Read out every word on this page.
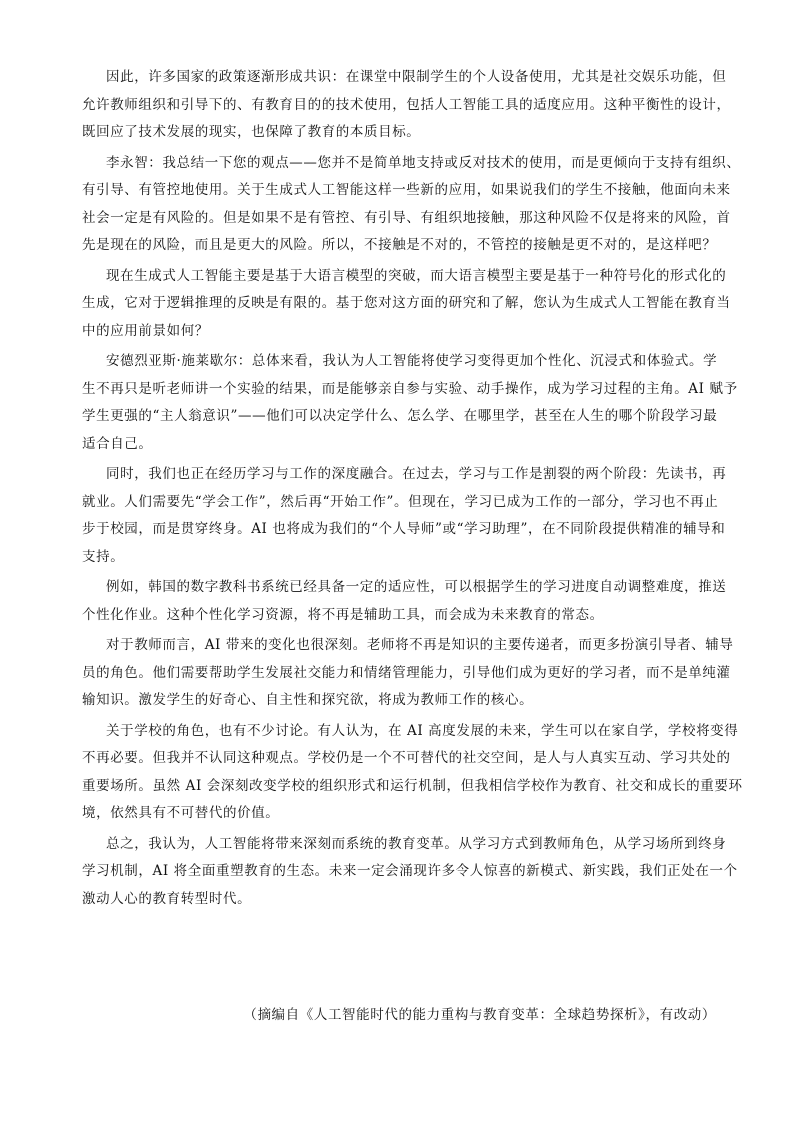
因此，许多国家的政策逐渐形成共识：在课堂中限制学生的个人设备使用，尤其是社交娱乐功能，但
允许教师组织和引导下的、有教育目的的技术使用，包括人工智能工具的适度应用。这种平衡性的设计，
既回应了技术发展的现实，也保障了教育的本质目标。
李永智：我总结一下您的观点——您并不是简单地支持或反对技术的使用，而是更倾向于支持有组织、
有引导、有管控地使用。关于生成式人工智能这样一些新的应用，如果说我们的学生不接触，他面向未来
社会一定是有风险的。但是如果不是有管控、有引导、有组织地接触，那这种风险不仅是将来的风险，首
先是现在的风险，而且是更大的风险。所以，不接触是不对的，不管控的接触是更不对的，是这样吧？
现在生成式人工智能主要是基于大语言模型的突破，而大语言模型主要是基于一种符号化的形式化的
生成，它对于逻辑推理的反映是有限的。基于您对这方面的研究和了解，您认为生成式人工智能在教育当
中的应用前景如何？
安德烈亚斯·施莱歇尔：总体来看，我认为人工智能将使学习变得更加个性化、沉浸式和体验式。学
生不再只是听老师讲一个实验的结果，而是能够亲自参与实验、动手操作，成为学习过程的主角。AI 赋予
学生更强的“主人翁意识”——他们可以决定学什么、怎么学、在哪里学，甚至在人生的哪个阶段学习最
适合自己。
同时，我们也正在经历学习与工作的深度融合。在过去，学习与工作是割裂的两个阶段：先读书，再
就业。人们需要先“学会工作”，然后再“开始工作”。但现在，学习已成为工作的一部分，学习也不再止
步于校园，而是贯穿终身。AI 也将成为我们的“个人导师”或“学习助理”，在不同阶段提供精准的辅导和
支持。
例如，韩国的数字教科书系统已经具备一定的适应性，可以根据学生的学习进度自动调整难度，推送
个性化作业。这种个性化学习资源，将不再是辅助工具，而会成为未来教育的常态。
对于教师而言，AI 带来的变化也很深刻。老师将不再是知识的主要传递者，而更多扮演引导者、辅导
员的角色。他们需要帮助学生发展社交能力和情绪管理能力，引导他们成为更好的学习者，而不是单纯灌
输知识。激发学生的好奇心、自主性和探究欲，将成为教师工作的核心。
关于学校的角色，也有不少讨论。有人认为，在 AI 高度发展的未来，学生可以在家自学，学校将变得
不再必要。但我并不认同这种观点。学校仍是一个不可替代的社交空间，是人与人真实互动、学习共处的
重要场所。虽然 AI 会深刻改变学校的组织形式和运行机制，但我相信学校作为教育、社交和成长的重要环
境，依然具有不可替代的价值。
总之，我认为，人工智能将带来深刻而系统的教育变革。从学习方式到教师角色，从学习场所到终身
学习机制，AI 将全面重塑教育的生态。未来一定会涌现许多令人惊喜的新模式、新实践，我们正处在一个
激动人心的教育转型时代。
（摘编自《人工智能时代的能力重构与教育变革：全球趋势探析》，有改动）
